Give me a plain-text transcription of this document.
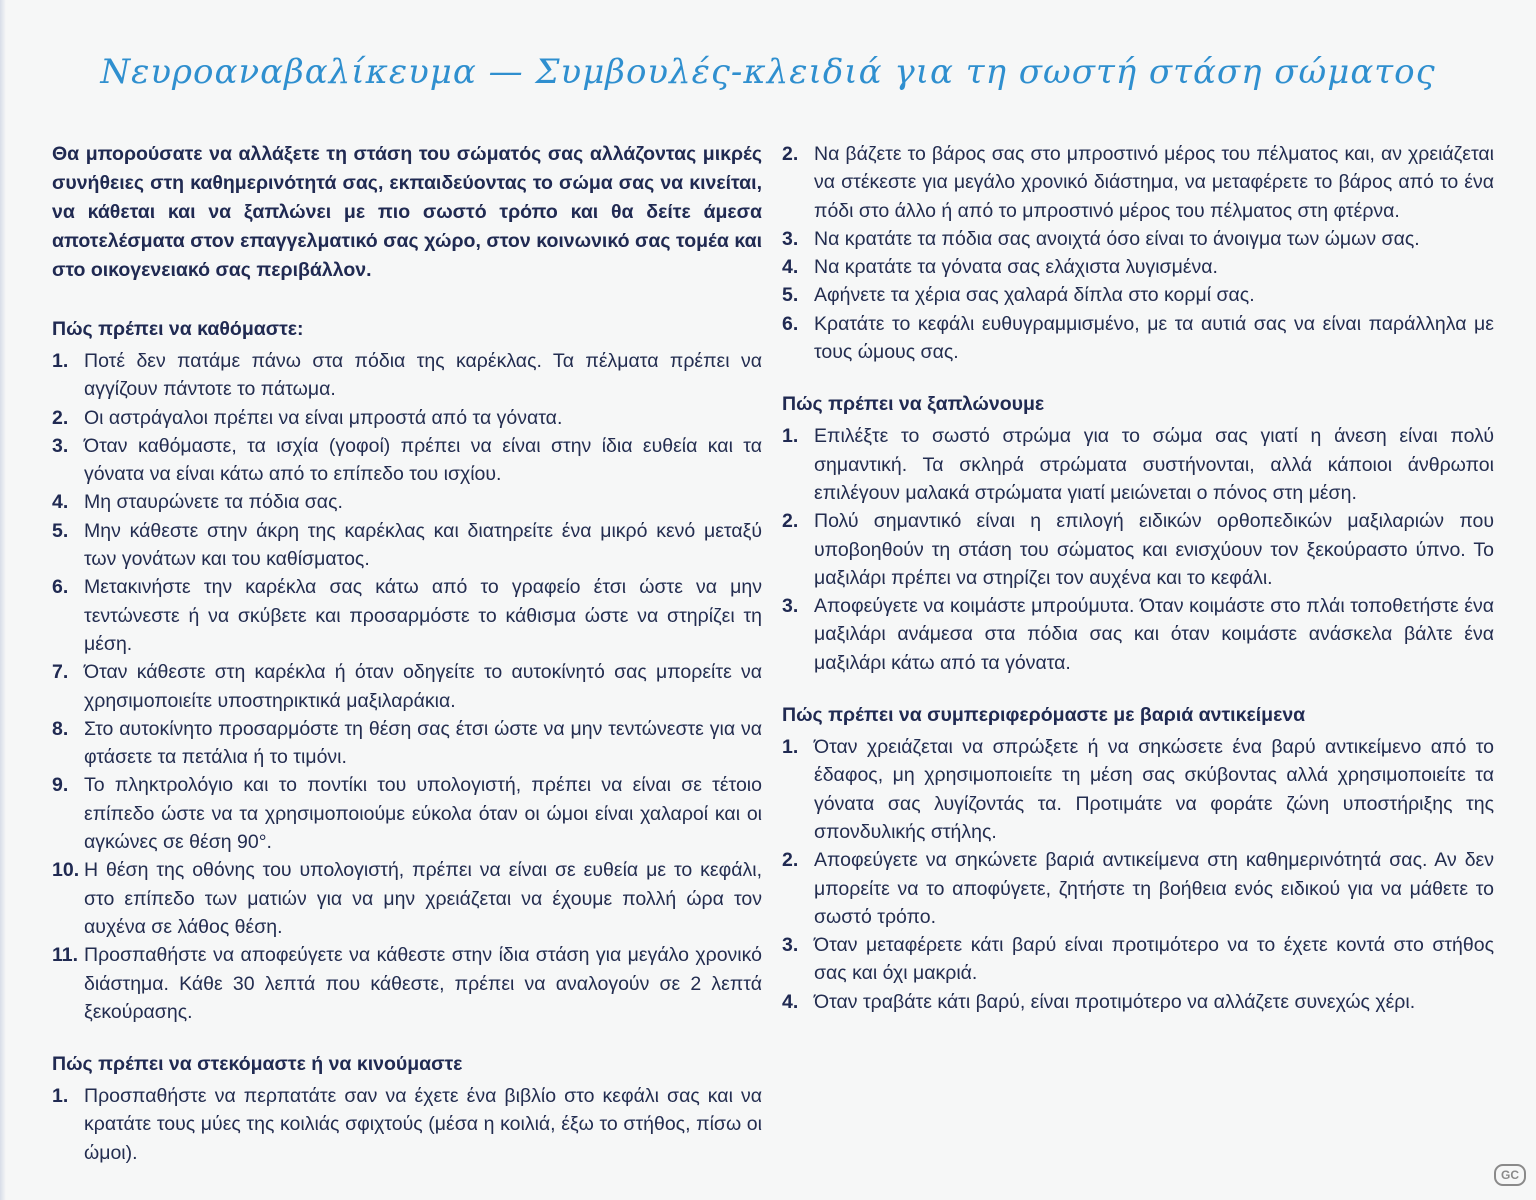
Νευροαναβαλίκευμα — Συμβουλές-κλειδιά για τη σωστή στάση σώματος

Θα μπορούσατε να αλλάξετε τη στάση του σώματός σας αλλάζοντας μικρές συνήθειες στη καθημερινότητά σας, εκπαιδεύοντας το σώμα σας να κινείται, να κάθεται και να ξαπλώνει με πιο σωστό τρόπο και θα δείτε άμεσα αποτελέσματα στον επαγγελματικό σας χώρο, στον κοινωνικό σας τομέα και στο οικογενειακό σας περιβάλλον.

Πώς πρέπει να καθόμαστε:
1. Ποτέ δεν πατάμε πάνω στα πόδια της καρέκλας. Τα πέλματα πρέπει να αγγίζουν πάντοτε το πάτωμα.
2. Οι αστράγαλοι πρέπει να είναι μπροστά από τα γόνατα.
3. Όταν καθόμαστε, τα ισχία (γοφοί) πρέπει να είναι στην ίδια ευθεία και τα γόνατα να είναι κάτω από το επίπεδο του ισχίου.
4. Μη σταυρώνετε τα πόδια σας.
5. Μην κάθεστε στην άκρη της καρέκλας και διατηρείτε ένα μικρό κενό μεταξύ των γονάτων και του καθίσματος.
6. Μετακινήστε την καρέκλα σας κάτω από το γραφείο έτσι ώστε να μην τεντώνεστε ή να σκύβετε και προσαρμόστε το κάθισμα ώστε να στηρίζει τη μέση.
7. Όταν κάθεστε στη καρέκλα ή όταν οδηγείτε το αυτοκίνητό σας μπορείτε να χρησιμοποιείτε υποστηρικτικά μαξιλαράκια.
8. Στο αυτοκίνητο προσαρμόστε τη θέση σας έτσι ώστε να μην τεντώνεστε για να φτάσετε τα πετάλια ή το τιμόνι.
9. Το πληκτρολόγιο και το ποντίκι του υπολογιστή, πρέπει να είναι σε τέτοιο επίπεδο ώστε να τα χρησιμοποιούμε εύκολα όταν οι ώμοι είναι χαλαροί και οι αγκώνες σε θέση 90°.
10. Η θέση της οθόνης του υπολογιστή, πρέπει να είναι σε ευθεία με το κεφάλι, στο επίπεδο των ματιών για να μην χρειάζεται να έχουμε πολλή ώρα τον αυχένα σε λάθος θέση.
11. Προσπαθήστε να αποφεύγετε να κάθεστε στην ίδια στάση για μεγάλο χρονικό διάστημα. Κάθε 30 λεπτά που κάθεστε, πρέπει να αναλογούν σε 2 λεπτά ξεκούρασης.
Πώς πρέπει να στεκόμαστε ή να κινούμαστε
1. Προσπαθήστε να περπατάτε σαν να έχετε ένα βιβλίο στο κεφάλι σας και να κρατάτε τους μύες της κοιλιάς σφιχτούς (μέσα η κοιλιά, έξω το στήθος, πίσω οι ώμοι).
2. Να βάζετε το βάρος σας στο μπροστινό μέρος του πέλματος και, αν χρειάζεται να στέκεστε για μεγάλο χρονικό διάστημα, να μεταφέρετε το βάρος από το ένα πόδι στο άλλο ή από το μπροστινό μέρος του πέλματος στη φτέρνα.
3. Να κρατάτε τα πόδια σας ανοιχτά όσο είναι το άνοιγμα των ώμων σας.
4. Να κρατάτε τα γόνατα σας ελάχιστα λυγισμένα.
5. Αφήνετε τα χέρια σας χαλαρά δίπλα στο κορμί σας.
6. Κρατάτε το κεφάλι ευθυγραμμισμένο, με τα αυτιά σας να είναι παράλληλα με τους ώμους σας.
Πώς πρέπει να ξαπλώνουμε
1. Επιλέξτε το σωστό στρώμα για το σώμα σας γιατί η άνεση είναι πολύ σημαντική. Τα σκληρά στρώματα συστήνονται, αλλά κάποιοι άνθρωποι επιλέγουν μαλακά στρώματα γιατί μειώνεται ο πόνος στη μέση.
2. Πολύ σημαντικό είναι η επιλογή ειδικών ορθοπεδικών μαξιλαριών που υποβοηθούν τη στάση του σώματος και ενισχύουν τον ξεκούραστο ύπνο. Το μαξιλάρι πρέπει να στηρίζει τον αυχένα και το κεφάλι.
3. Αποφεύγετε να κοιμάστε μπρούμυτα. Όταν κοιμάστε στο πλάι τοποθετήστε ένα μαξιλάρι ανάμεσα στα πόδια σας και όταν κοιμάστε ανάσκελα βάλτε ένα μαξιλάρι κάτω από τα γόνατα.
Πώς πρέπει να συμπεριφερόμαστε με βαριά αντικείμενα
1. Όταν χρειάζεται να σπρώξετε ή να σηκώσετε ένα βαρύ αντικείμενο από το έδαφος, μη χρησιμοποιείτε τη μέση σας σκύβοντας αλλά χρησιμοποιείτε τα γόνατα σας λυγίζοντάς τα. Προτιμάτε να φοράτε ζώνη υποστήριξης της σπονδυλικής στήλης.
2. Αποφεύγετε να σηκώνετε βαριά αντικείμενα στη καθημερινότητά σας. Αν δεν μπορείτε να το αποφύγετε, ζητήστε τη βοήθεια ενός ειδικού για να μάθετε το σωστό τρόπο.
3. Όταν μεταφέρετε κάτι βαρύ είναι προτιμότερο να το έχετε κοντά στο στήθος σας και όχι μακριά.
4. Όταν τραβάτε κάτι βαρύ, είναι προτιμότερο να αλλάζετε συνεχώς χέρι.
GC
